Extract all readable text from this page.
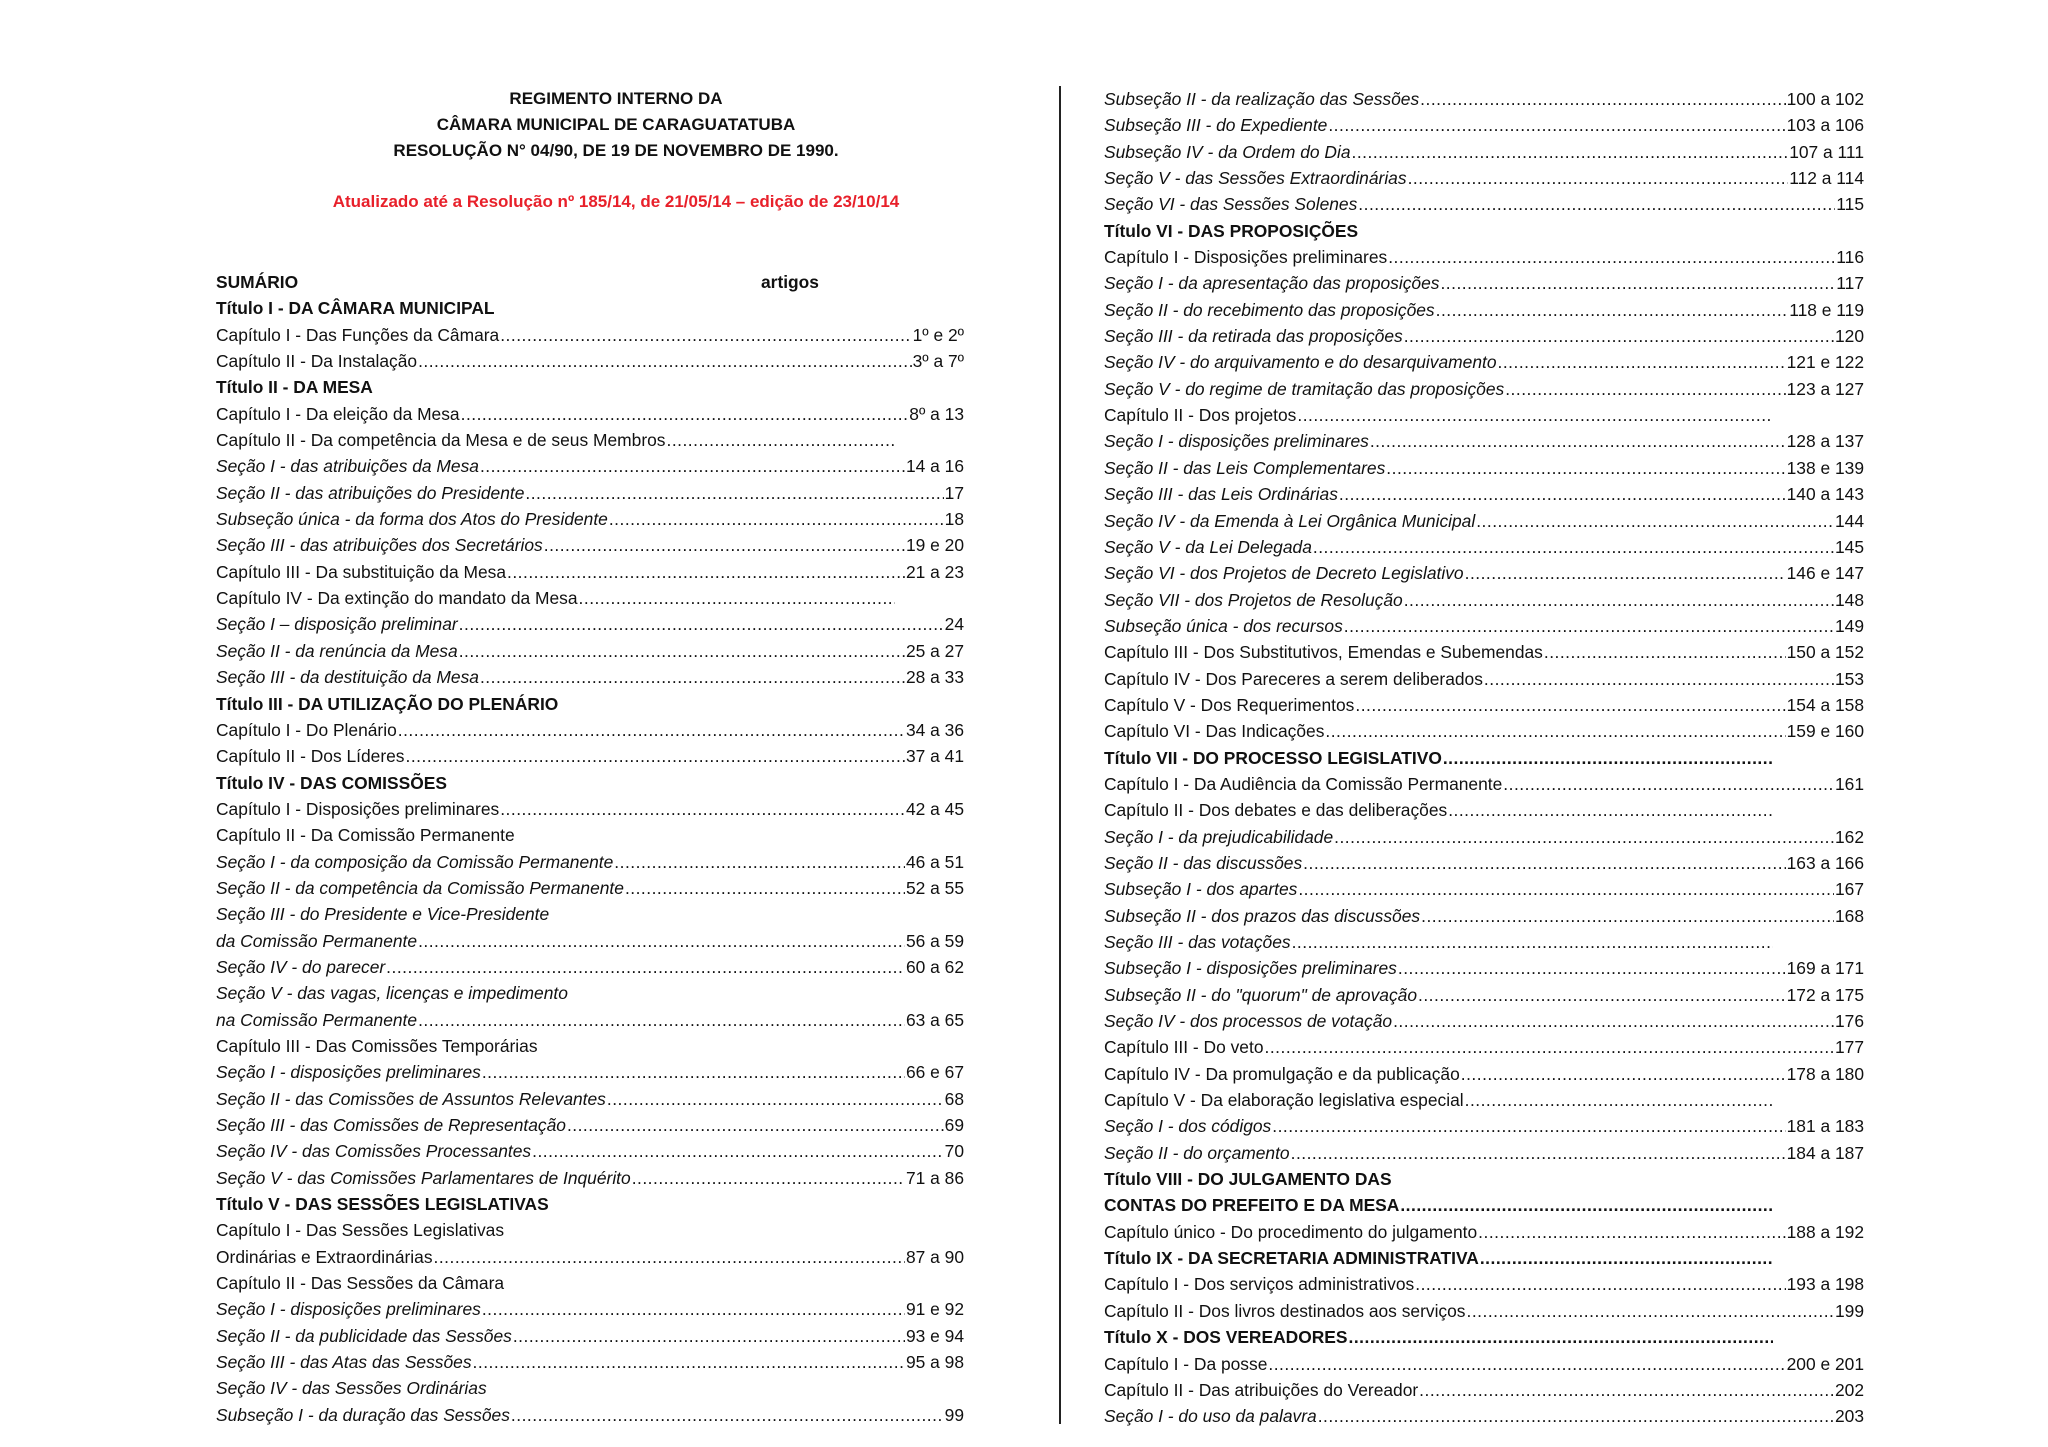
REGIMENTO INTERNO DA
CÂMARA MUNICIPAL DE CARAGUATATUBA
RESOLUÇÃO N° 04/90, DE 19 DE NOVEMBRO DE 1990.
Atualizado até a Resolução nº 185/14, de 21/05/14 – edição de 23/10/14
SUMÁRIO	artigos
Título I - DA CÂMARA MUNICIPAL
Capítulo I - Das Funções da Câmara .....	1º e 2º
Capítulo II - Da Instalação .....	3º a 7º
Título II - DA MESA
Capítulo I - Da eleição da Mesa .....	8º a 13
Capítulo II - Da competência da Mesa e de seus Membros
.....
Seção I - das atribuições da Mesa .....	14 a 16
Seção II - das atribuições do Presidente .....	17
Subseção única - da forma dos Atos do Presidente .....	18
Seção III - das atribuições dos Secretários .....	19 e 20
Capítulo III - Da substituição da Mesa .....	21 a 23
Capítulo IV - Da extinção do mandato da Mesa
.....
Seção I – disposição preliminar .....	24
Seção II - da renúncia da Mesa .....	25 a 27
Seção III - da destituição da Mesa .....	28 a 33
Título III - DA UTILIZAÇÃO DO PLENÁRIO
Capítulo I - Do Plenário .....	34 a 36
Capítulo II - Dos Líderes .....	37 a 41
Título IV - DAS COMISSÕES
Capítulo I - Disposições preliminares .....	42 a 45
Capítulo II - Da Comissão Permanente
Seção I - da composição da Comissão Permanente .....	46 a 51
Seção II - da competência da Comissão Permanente .....	52 a 55
Seção III - do Presidente e Vice-Presidente
da Comissão Permanente .....	56 a 59
Seção IV - do parecer .....	60 a 62
Seção V - das vagas, licenças e impedimento
na Comissão Permanente .....	63 a 65
Capítulo III - Das Comissões Temporárias
Seção I - disposições preliminares .....	66 e 67
Seção II - das Comissões de Assuntos Relevantes .....	68
Seção III - das Comissões de Representação .....	69
Seção IV - das Comissões Processantes .....	70
Seção V - das Comissões Parlamentares de Inquérito .....	71 a 86
Título V - DAS SESSÕES LEGISLATIVAS
Capítulo I - Das Sessões Legislativas
Ordinárias e Extraordinárias .....	87 a 90
Capítulo II - Das Sessões da Câmara
Seção I - disposições preliminares .....	91 e 92
Seção II - da publicidade das Sessões .....	93 e 94
Seção III - das Atas das Sessões .....	95 a 98
Seção IV - das Sessões Ordinárias
Subseção I - da duração das Sessões .....	99
Subseção II - da realização das Sessões .....	100 a 102
Subseção III - do Expediente .....	103 a 106
Subseção IV - da Ordem do Dia .....	107 a 111
Seção V - das Sessões Extraordinárias .....	112 a 114
Seção VI - das Sessões Solenes .....	115
Título VI - DAS PROPOSIÇÕES
Capítulo I - Disposições preliminares .....	116
Seção I - da apresentação das proposições .....	117
Seção II - do recebimento das proposições .....	118 e 119
Seção III - da retirada das proposições .....	120
Seção IV - do arquivamento e do desarquivamento .....	121 e 122
Seção V - do regime de tramitação das proposições .....	123 a 127
Capítulo II - Dos projetos
.....
Seção I - disposições preliminares .....	128 a 137
Seção II - das Leis Complementares .....	138 e 139
Seção III - das Leis Ordinárias .....	140 a 143
Seção IV - da Emenda à Lei Orgânica Municipal .....	144
Seção V - da Lei Delegada .....	145
Seção VI - dos Projetos de Decreto Legislativo .....	146 e 147
Seção VII - dos Projetos de Resolução .....	148
Subseção única - dos recursos .....	149
Capítulo III - Dos Substitutivos, Emendas e Subemendas .....	150 a 152
Capítulo IV - Dos Pareceres a serem deliberados .....	153
Capítulo V - Dos Requerimentos .....	154 a 158
Capítulo VI - Das Indicações .....	159 e 160
Título VII - DO PROCESSO LEGISLATIVO
.....
Capítulo I - Da Audiência da Comissão Permanente .....	161
Capítulo II - Dos debates e das deliberações
.....
Seção I - da prejudicabilidade .....	162
Seção II - das discussões .....	163 a 166
Subseção I - dos apartes .....	167
Subseção II - dos prazos das discussões .....	168
Seção III - das votações
.....
Subseção I - disposições preliminares .....	169 a 171
Subseção II - do "quorum" de aprovação .....	172 a 175
Seção IV - dos processos de votação .....	176
Capítulo III - Do veto .....	177
Capítulo IV - Da promulgação e da publicação .....	178 a 180
Capítulo V - Da elaboração legislativa especial
.....
Seção I - dos códigos .....	181 a 183
Seção II - do orçamento .....	184 a 187
Título VIII - DO JULGAMENTO DAS
CONTAS DO PREFEITO E DA MESA
.....
Capítulo único - Do procedimento do julgamento .....	188 a 192
Título IX - DA SECRETARIA ADMINISTRATIVA
.....
Capítulo I - Dos serviços administrativos .....	193 a 198
Capítulo II - Dos livros destinados aos serviços .....	199
Título X - DOS VEREADORES
.....
Capítulo I - Da posse .....	200 e 201
Capítulo II - Das atribuições do Vereador .....	202
Seção I - do uso da palavra .....	203
